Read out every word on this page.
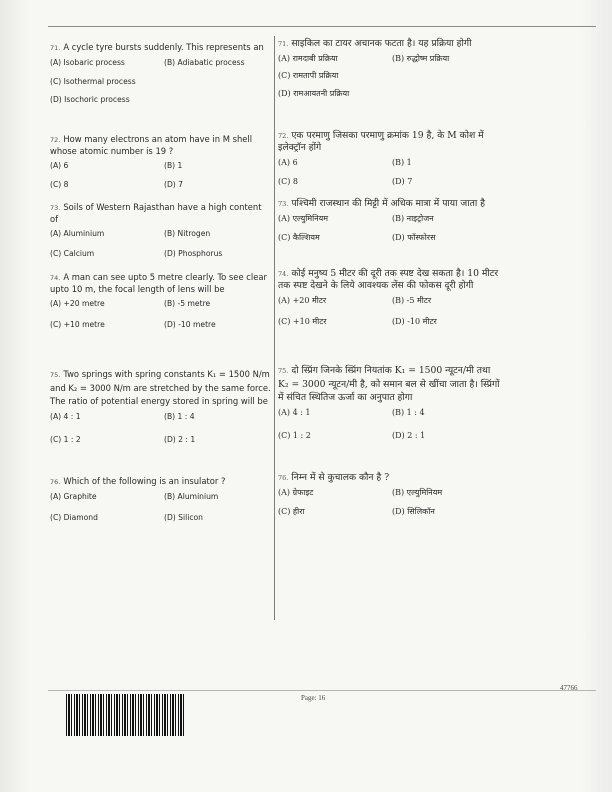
71. A cycle tyre bursts suddenly. This represents an
(A) Isobaric process	(B) Adiabatic process
(C) Isothermal process
(D) Isochoric process
71. साइकिल का टायर अचानक फटता है। यह प्रक्रिया होगी
(A) रामदाबी प्रक्रिया	(B) रुद्धोष्म प्रक्रिया
(C) रामतापी प्रक्रिया
(D) रामआयतनी प्रक्रिया
72. How many electrons an atom have in M shell whose atomic number is 19 ?
(A) 6	(B) 1
(C) 8	(D) 7
72. एक परमाणु जिसका परमाणु क्रमांक 19 है, के M कोश में इलेक्ट्रॉन होंगे
(A) 6	(B) 1
(C) 8	(D) 7
73. Soils of Western Rajasthan have a high content of
(A) Aluminium	(B) Nitrogen
(C) Calcium	(D) Phosphorus
73. पश्चिमी राजस्थान की मिट्टी में अधिक मात्रा में पाया जाता है
(A) एल्युमिनियम	(B) नाइट्रोजन
(C) कैल्शियम	(D) फॉस्फोरस
74. A man can see upto 5 metre clearly. To see clear upto 10 m, the focal length of lens will be
(A) +20 metre	(B) -5 metre
(C) +10 metre	(D) -10 metre
74. कोई मनुष्य 5 मीटर की दूरी तक स्पष्ट देख सकता है। 10 मीटर तक स्पष्ट देखने के लिये आवश्यक लेंस की फोकस दूरी होगी
(A) +20 मीटर	(B) -5 मीटर
(C) +10 मीटर	(D) -10 मीटर
75. Two springs with spring constants K₁ = 1500 N/m and K₂ = 3000 N/m are stretched by the same force. The ratio of potential energy stored in spring will be
(A) 4 : 1	(B) 1 : 4
(C) 1 : 2	(D) 2 : 1
75. दो स्प्रिंग जिनके स्प्रिंग नियतांक K₁ = 1500 न्यूटन/मी तथा K₂ = 3000 न्यूटन/मी है, को समान बल से खींचा जाता है। स्प्रिंगों में संचित स्थितिज ऊर्जा का अनुपात होगा
(A) 4 : 1	(B) 1 : 4
(C) 1 : 2	(D) 2 : 1
76. Which of the following is an insulator ?
(A) Graphite	(B) Aluminium
(C) Diamond	(D) Silicon
76. निम्न में से कुचालक कौन है ?
(A) ग्रेफाइट	(B) एल्युमिनियम
(C) हीरा	(D) सिलिकॉन
47766
Page: 16
